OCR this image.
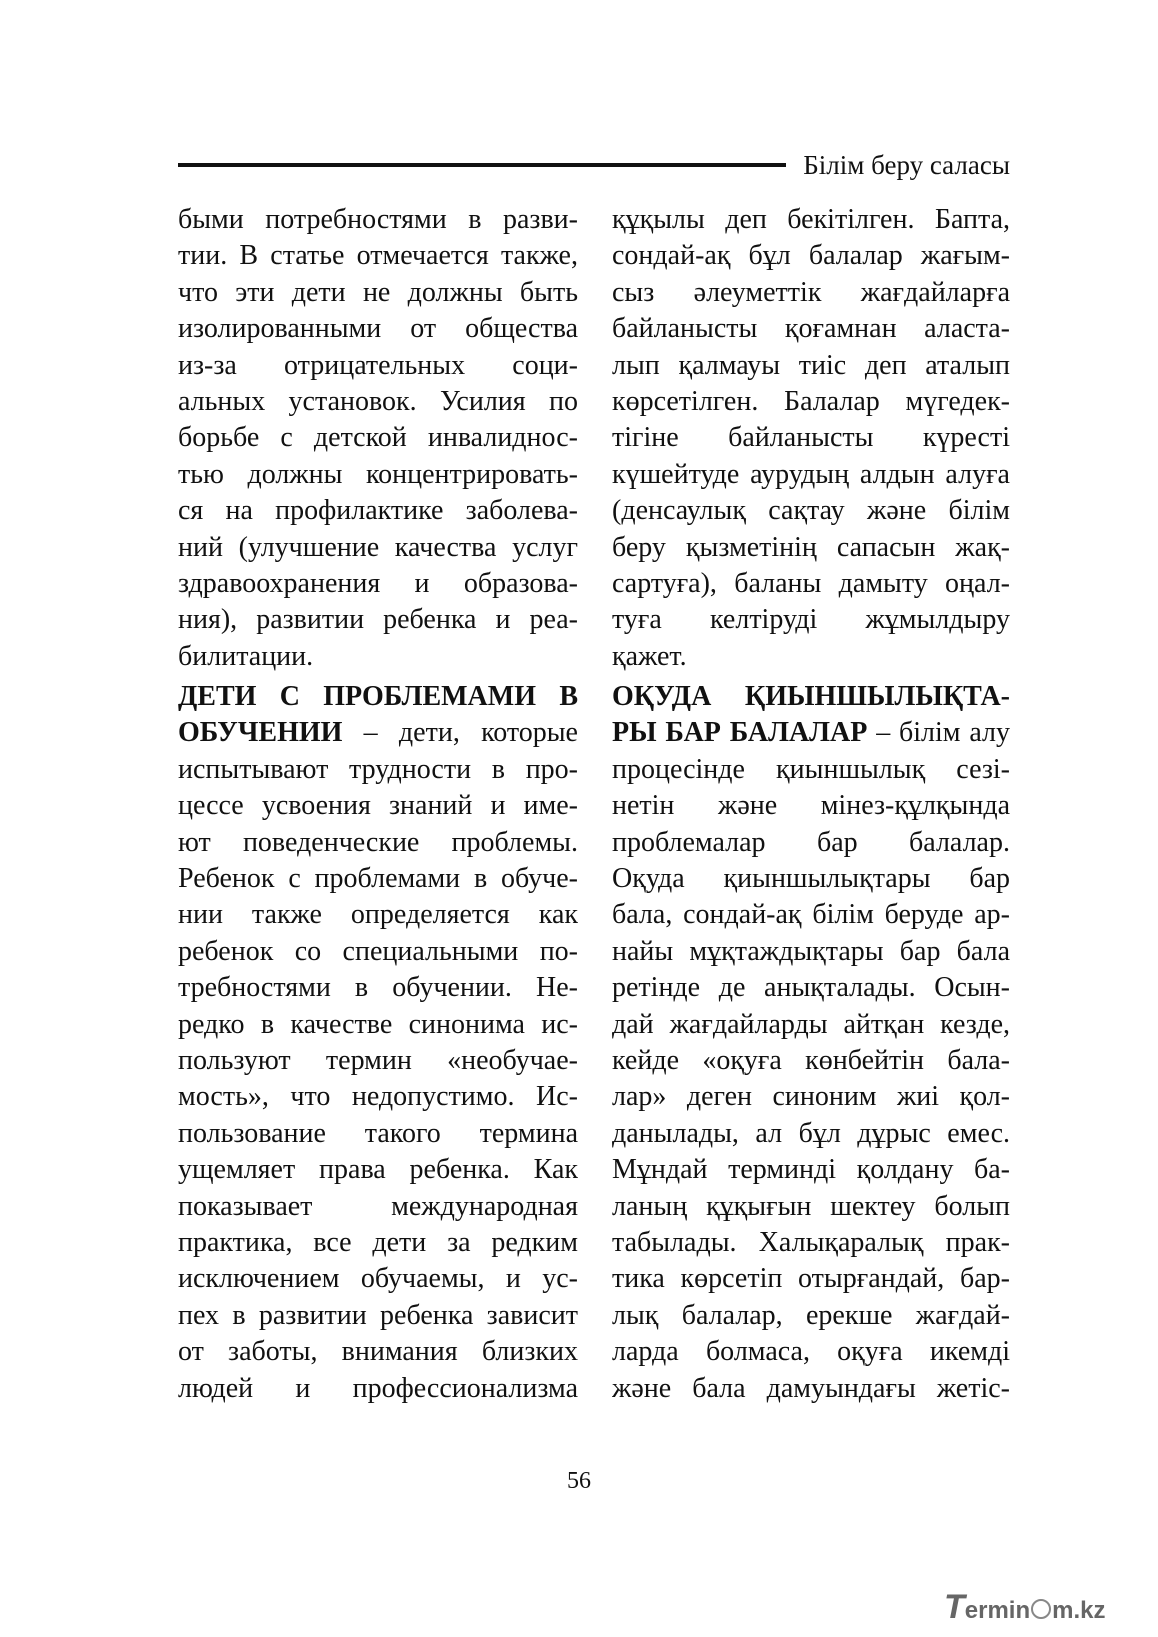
Білім беру саласы
быми потребностями в разви-
тии. В статье отмечается также,
что эти дети не должны быть
изолированными от общества
из-за отрицательных соци-
альных установок. Усилия по
борьбе с детской инвалиднос-
тью должны концентрировать-
ся на профилактике заболева-
ний (улучшение качества услуг
здравоохранения и образова-
ния), развитии ребенка и реа-
билитации.
ДЕТИ С ПРОБЛЕМАМИ В
ОБУЧЕНИИ – дети, которые
испытывают трудности в про-
цессе усвоения знаний и име-
ют поведенческие проблемы.
Ребенок с проблемами в обуче-
нии также определяется как
ребенок со специальными по-
требностями в обучении. Не-
редко в качестве синонима ис-
пользуют термин «необучае-
мость», что недопустимо. Ис-
пользование такого термина
ущемляет права ребенка. Как
показывает международная
практика, все дети за редким
исключением обучаемы, и ус-
пех в развитии ребенка зависит
от заботы, внимания близких
людей и профессионализма
құқылы деп бекітілген. Бапта,
сондай-ақ бұл балалар жағым-
сыз әлеуметтік жағдайларға
байланысты қоғамнан аласта-
лып қалмауы тиіс деп аталып
көрсетілген. Балалар мүгедек-
тігіне байланысты күресті
күшейтуде аурудың алдын алуға
(денсаулық сақтау және білім
беру қызметінің сапасын жақ-
сартуға), баланы дамыту оңал-
туға келтіруді жұмылдыру
қажет.
ОҚУДА ҚИЫНШЫЛЫҚТА-
РЫ БАР БАЛАЛАР – білім алу
процесінде қиыншылық сезі-
нетін және мінез-құлқында
проблемалар бар балалар.
Оқуда қиыншылықтары бар
бала, сондай-ақ білім беруде ар-
найы мұқтаждықтары бар бала
ретінде де анықталады. Осын-
дай жағдайларды айтқан кезде,
кейде «оқуға көнбейтін бала-
лар» деген синоним жиі қол-
данылады, ал бұл дұрыс емес.
Мұндай терминді қолдану ба-
ланың құқығын шектеу болып
табылады. Халықаралық прак-
тика көрсетіп отырғандай, бар-
лық балалар, ерекше жағдай-
ларда болмаса, оқуға икемді
және бала дамуындағы жетіс-
56
Termin m.kz
